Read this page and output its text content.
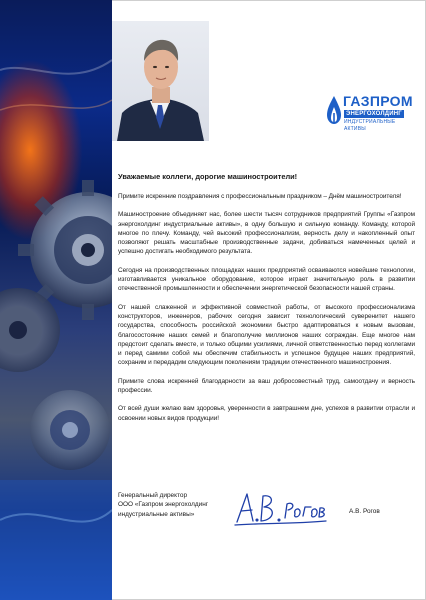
ГАЗПРОМ
ЭНЕРГОХОЛДИНГ
ИНДУСТРИАЛЬНЫЕ АКТИВЫ
Уважаемые коллеги, дорогие машиностроители!

Примите искренние поздравления с профессиональным праздником – Днём машиностроителя!

Машиностроение объединяет нас, более шести тысяч сотрудников предприятий Группы «Газпром энергохолдинг индустриальные активы», в одну большую и сильную команду. Команду, которой многое по плечу. Команду, чей высокий профессионализм, верность делу и накопленный опыт позволяют решать масштабные производственные задачи, добиваться намеченных целей и успешно достигать необходимого результата.

Сегодня на производственных площадках наших предприятий осваиваются новейшие технологии, изготавливается уникальное оборудование, которое играет значительную роль в развитии отечественной промышленности и обеспечении энергетической безопасности нашей страны.

От нашей слаженной и эффективной совместной работы, от высокого профессионализма конструкторов, инженеров, рабочих сегодня зависит технологический суверенитет нашего государства, способность российской экономики быстро адаптироваться к новым вызовам, благосостояние наших семей и благополучие миллионов наших сограждан. Еще многое нам предстоит сделать вместе, и только общими усилиями, личной ответственностью перед коллегами и перед самими собой мы обеспечим стабильность и успешное будущее наших предприятий, сохраним и передадим следующим поколениям традиции отечественного машиностроения.

Примите слова искренней благодарности за ваш добросовестный труд, самоотдачу и верность профессии.

От всей души желаю вам здоровья, уверенности в завтрашнем дне, успехов в развитии отрасли и освоении новых видов продукции!

Генеральный директор
ООО «Газпром энергохолдинг
индустриальные активы»	А.В. Рогов
